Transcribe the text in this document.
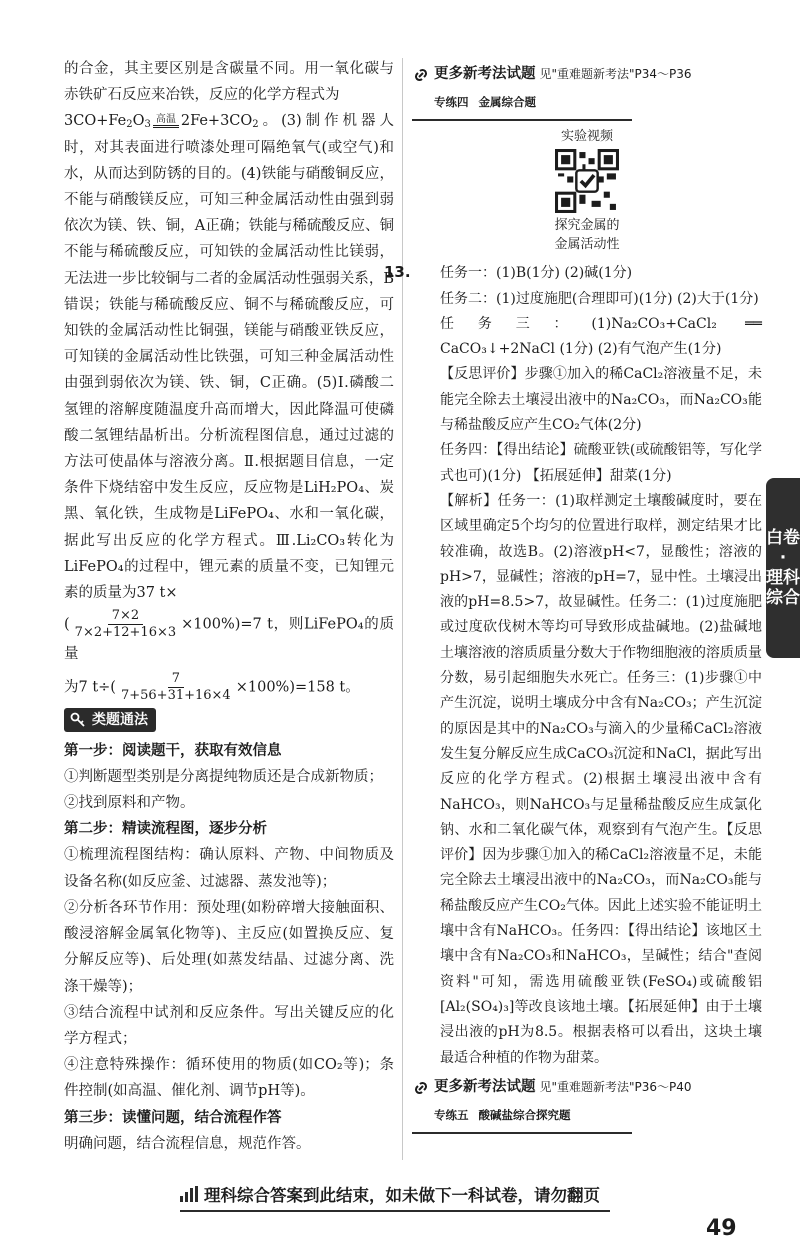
的合金，其主要区别是含碳量不同。用一氧化碳与赤铁矿石反应来冶铁，反应的化学方程式为
$3CO+Fe_2O_3$ 高温 $2Fe+3CO_2$。(3)制作机器人时，对其表面进行喷漆处理可隔绝氧气(或空气)和水，从而达到防锈的目的。(4)铁能与硝酸铜反应，不能与硝酸镁反应，可知三种金属活动性由强到弱依次为镁、铁、铜，A正确；铁能与稀硫酸反应、铜不能与稀硫酸反应，可知铁的金属活动性比镁弱，无法进一步比较铜与二者的金属活动性强弱关系，B错误；铁能与稀硫酸反应、铜不与稀硫酸反应，可知铁的金属活动性比铜强，镁能与硝酸亚铁反应，可知镁的金属活动性比铁强，可知三种金属活动性由强到弱依次为镁、铁、铜，C正确。(5)Ⅰ.磷酸二氢锂的溶解度随温度升高而增大，因此降温可使磷酸二氢锂结晶析出。分析流程图信息，通过过滤的方法可使晶体与溶液分离。Ⅱ.根据题目信息，一定条件下烧结窑中发生反应，反应物是LiH₂PO₄、炭黑、氧化铁，生成物是LiFePO₄、水和一氧化碳，据此写出反应的化学方程式。Ⅲ.Li₂CO₃转化为LiFePO₄的过程中，锂元素的质量不变，已知锂元素的质量为37 t×
( $\frac{7\times 2}{7\times 2+12+16\times 3} \times 100\%)=7$ t，则LiFePO₄的质量
为7 $t\div( \frac{7}{7+56+31+16\times 4} \times 100\%)=158$ t。
类题通法
第一步：阅读题干，获取有效信息
①判断题型类别是分离提纯物质还是合成新物质；
②找到原料和产物。
第二步：精读流程图，逐步分析
①梳理流程图结构：确认原料、产物、中间物质及设备名称(如反应釜、过滤器、蒸发池等)；
②分析各环节作用：预处理(如粉碎增大接触面积、酸浸溶解金属氧化物等)、主反应(如置换反应、复分解反应等)、后处理(如蒸发结晶、过滤分离、洗涤干燥等)；
③结合流程中试剂和反应条件。写出关键反应的化学方程式；
④注意特殊操作：循环使用的物质(如CO₂等)；条件控制(如高温、催化剂、调节pH等)。
第三步：读懂问题，结合流程作答
明确问题，结合流程信息，规范作答。
更多新考法试题 见"重难题新考法"P34～P36
专练四 金属综合题
实验视频
探究金属的
金属活动性
13. 任务一：(1)B(1分) (2)碱(1分)
任务二：(1)过度施肥(合理即可)(1分) (2)大于(1分)
任务三：(1)Na₂CO₃+CaCl₂ ══ CaCO₃↓+2NaCl (1分) (2)有气泡产生(1分)
【反思评价】步骤①加入的稀CaCl₂溶液量不足，未能完全除去土壤浸出液中的Na₂CO₃，而Na₂CO₃能与稀盐酸反应产生CO₂气体(2分)
任务四：【得出结论】硫酸亚铁(或硫酸铝等，写化学式也可)(1分) 【拓展延伸】甜菜(1分)
【解析】任务一：(1)取样测定土壤酸碱度时，要在区域里确定5个均匀的位置进行取样，测定结果才比较准确，故选B。(2)溶液pH<7，显酸性；溶液的pH>7，显碱性；溶液的pH=7，显中性。土壤浸出液的pH=8.5>7，故显碱性。任务二：(1)过度施肥或过度砍伐树木等均可导致形成盐碱地。(2)盐碱地土壤溶液的溶质质量分数大于作物细胞液的溶质质量分数，易引起细胞失水死亡。任务三：(1)步骤①中产生沉淀，说明土壤成分中含有Na₂CO₃；产生沉淀的原因是其中的Na₂CO₃与滴入的少量稀CaCl₂溶液发生复分解反应生成CaCO₃沉淀和NaCl，据此写出反应的化学方程式。(2)根据土壤浸出液中含有NaHCO₃，则NaHCO₃与足量稀盐酸反应生成氯化钠、水和二氧化碳气体，观察到有气泡产生。【反思评价】因为步骤①加入的稀CaCl₂溶液量不足，未能完全除去土壤浸出液中的Na₂CO₃，而Na₂CO₃能与稀盐酸反应产生CO₂气体。因此上述实验不能证明土壤中含有NaHCO₃。任务四：【得出结论】该地区土壤中含有Na₂CO₃和NaHCO₃，呈碱性；结合"查阅资料"可知，需选用硫酸亚铁(FeSO₄)或硫酸铝[Al₂(SO₄)₃]等改良该地土壤。【拓展延伸】由于土壤浸出液的pH为8.5。根据表格可以看出，这块土壤最适合种植的作物为甜菜。
更多新考法试题 见"重难题新考法"P36～P40
专练五 酸碱盐综合探究题
白卷
·
理科综合
理科综合答案到此结束，如未做下一科试卷，请勿翻页
49
